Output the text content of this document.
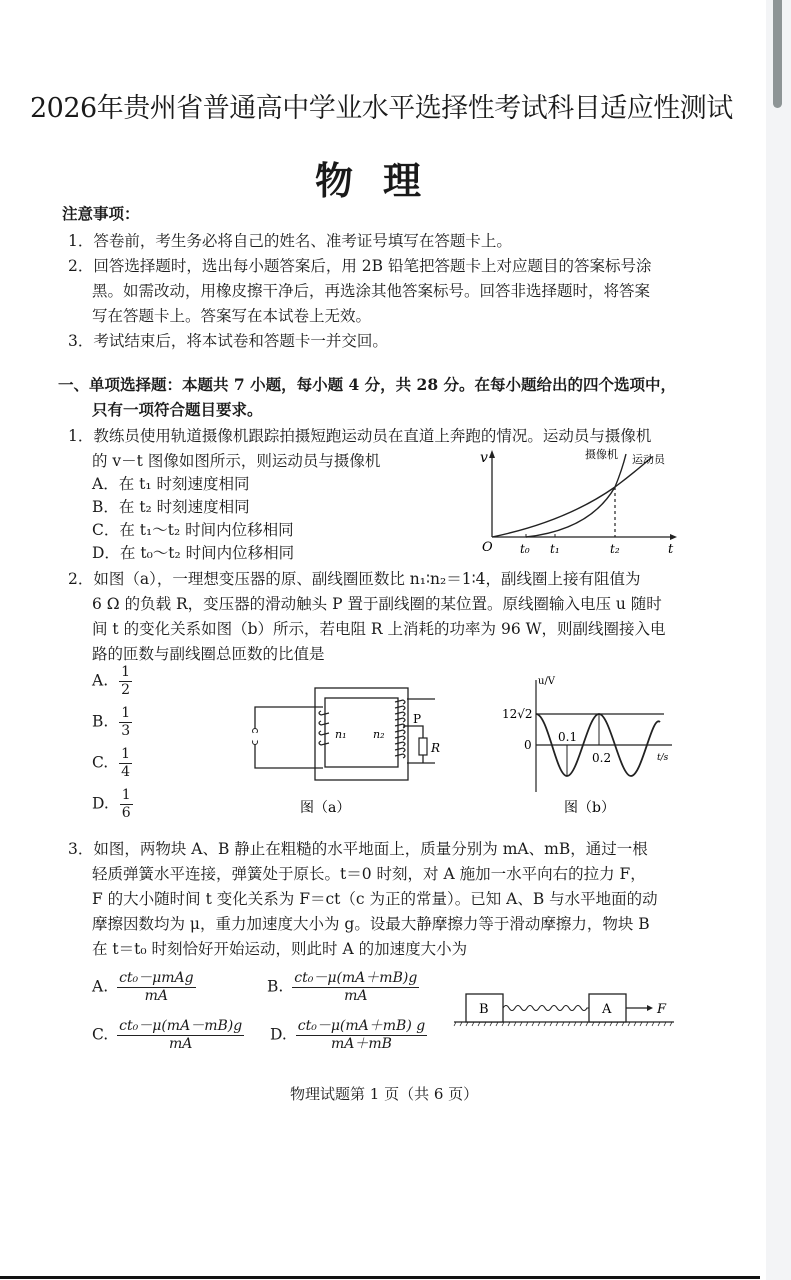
2026年贵州省普通高中学业水平选择性考试科目适应性测试
物理
注意事项：
1．答卷前，考生务必将自己的姓名、准考证号填写在答题卡上。
2．回答选择题时，选出每小题答案后，用 2B 铅笔把答题卡上对应题目的答案标号涂
黑。如需改动，用橡皮擦干净后，再选涂其他答案标号。回答非选择题时，将答案
写在答题卡上。答案写在本试卷上无效。
3．考试结束后，将本试卷和答题卡一并交回。
一、单项选择题：本题共 7 小题，每小题 4 分，共 28 分。在每小题给出的四个选项中，
只有一项符合题目要求。
1．教练员使用轨道摄像机跟踪拍摄短跑运动员在直道上奔跑的情况。运动员与摄像机
的 v－t 图像如图所示，则运动员与摄像机
A．在 t₁ 时刻速度相同
B．在 t₂ 时刻速度相同
C．在 t₁～t₂ 时间内位移相同
D．在 t₀～t₂ 时间内位移相同
v
O t₀ t₁	t₂	t
摄像机 运动员
2．如图（a），一理想变压器的原、副线圈匝数比 n₁∶n₂＝1∶4，副线圈上接有阻值为
6 Ω 的负载 R，变压器的滑动触头 P 置于副线圈的某位置。原线圈输入电压 u 随时
间 t 的变化关系如图（b）所示，若电阻 R 上消耗的功率为 96 W，则副线圈接入电
路的匝数与副线圈总匝数的比值是
A. $\frac{1}{2}$
B. $\frac{1}{3}$
C. $\frac{1}{4}$
D. $\frac{1}{6}$
n₁ n₂
P
R
图（a）
u/V
12√2
0
0.1
0.2	t/s
图（b）
3．如图，两物块 A、B 静止在粗糙的水平地面上，质量分别为 mA、mB，通过一根
轻质弹簧水平连接，弹簧处于原长。t＝0 时刻，对 A 施加一水平向右的拉力 F，
F 的大小随时间 t 变化关系为 F＝ct（c 为正的常量）。已知 A、B 与水平地面的动
摩擦因数均为 μ，重力加速度大小为 g。设最大静摩擦力等于滑动摩擦力，物块 B
在 t＝t₀ 时刻恰好开始运动，则此时 A 的加速度大小为
A. $\frac{\text{ct₀－μmAg}}{mA}$	B. $\frac{\text{ct₀－μ(mA＋mB)g}}{mA}$
C. $\frac{\text{ct₀－μ(mA－mB)g}}{mA} D$. $\frac{\text{ct₀－μ(mA＋mB) g}}{mA+mB}$
B	A	F
物理试题第 1 页（共 6 页）
